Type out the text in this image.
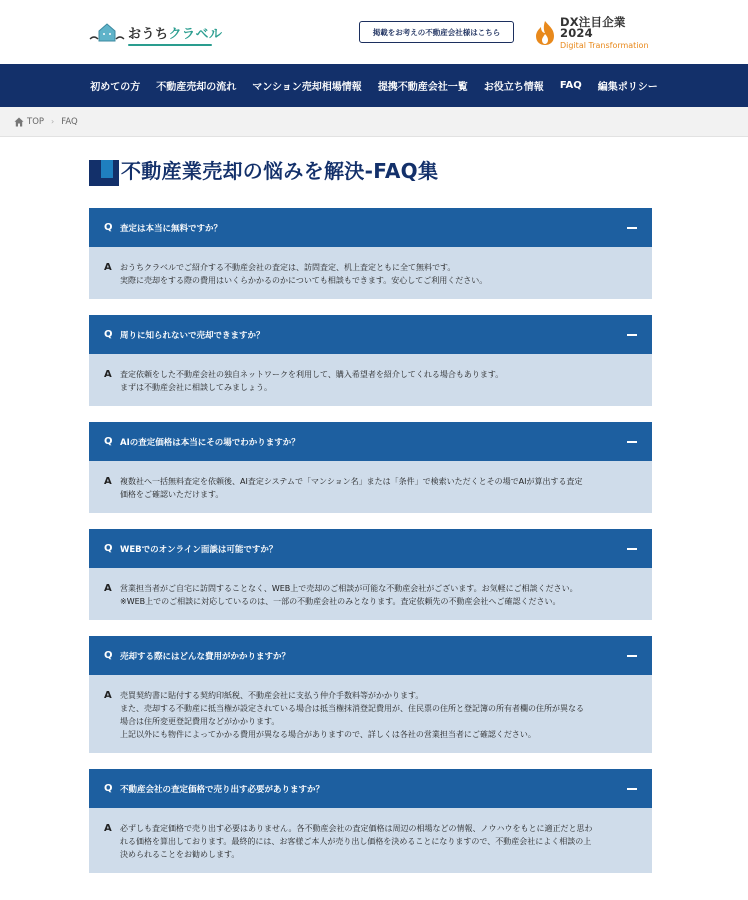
おうちクラベル	掲載をお考えの不動産会社様はこちら
DX注目企業2024
Digital Transformation
初めての方 不動産売却の流れ マンション売却相場情報 提携不動産会社一覧 お役立ち情報 FAQ 編集ポリシー
TOP › FAQ
不動産業売却の悩みを解決-FAQ集
Q 査定は本当に無料ですか？
A	おうちクラベルでご紹介する不動産会社の査定は、訪問査定、机上査定ともに全て無料です。
実際に売却をする際の費用はいくらかかるのかについても相談もできます。安心してご利用ください。
Q 周りに知られないで売却できますか？
A	査定依頼をした不動産会社の独自ネットワークを利用して、購入希望者を紹介してくれる場合もあります。
まずは不動産会社に相談してみましょう。
Q AIの査定価格は本当にその場でわかりますか？
A	複数社へ一括無料査定を依頼後、AI査定システムで「マンション名」または「条件」で検索いただくとその場でAIが算出する査定
価格をご確認いただけます。
Q WEBでのオンライン面談は可能ですか？
A	営業担当者がご自宅に訪問することなく、WEB上で売却のご相談が可能な不動産会社がございます。お気軽にご相談ください。
※WEB上でのご相談に対応しているのは、一部の不動産会社のみとなります。査定依頼先の不動産会社へご確認ください。
Q 売却する際にはどんな費用がかかりますか？
A	売買契約書に貼付する契約印紙税、不動産会社に支払う仲介手数料等がかかります。
また、売却する不動産に抵当権が設定されている場合は抵当権抹消登記費用が、住民票の住所と登記簿の所有者欄の住所が異なる
場合は住所変更登記費用などがかかります。
上記以外にも物件によってかかる費用が異なる場合がありますので、詳しくは各社の営業担当者にご確認ください。
Q 不動産会社の査定価格で売り出す必要がありますか？
A	必ずしも査定価格で売り出す必要はありません。各不動産会社の査定価格は周辺の相場などの情報、ノウハウをもとに適正だと思わ
れる価格を算出しております。最終的には、お客様ご本人が売り出し価格を決めることになりますので、不動産会社によく相談の上
決められることをお勧めします。
